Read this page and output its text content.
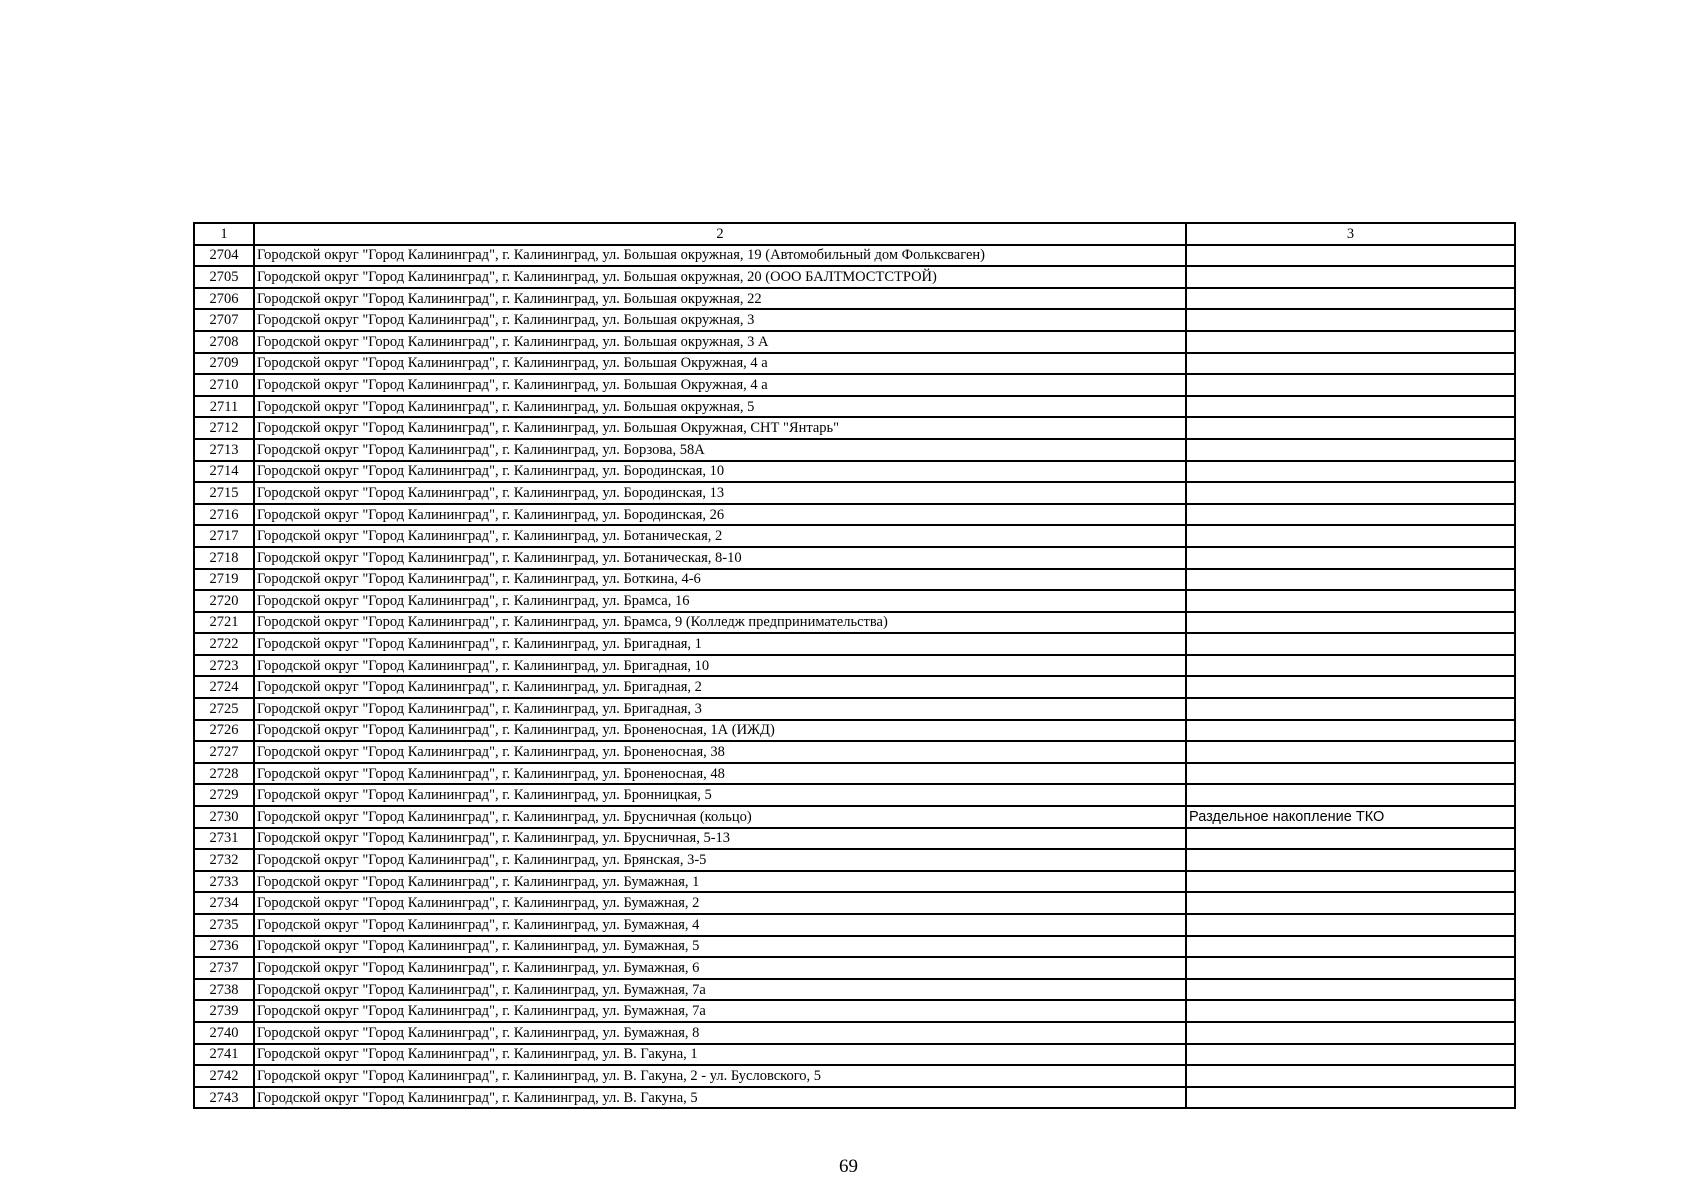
1	2	3
2704	Городской округ "Город Калининград", г. Калининград, ул. Большая окружная, 19 (Автомобильный дом Фольксваген)	
2705	Городской округ "Город Калининград", г. Калининград, ул. Большая окружная, 20 (ООО БАЛТМОСТСТРОЙ)	
2706	Городской округ "Город Калининград", г. Калининград, ул. Большая окружная, 22	
2707	Городской округ "Город Калининград", г. Калининград, ул. Большая окружная, 3	
2708	Городской округ "Город Калининград", г. Калининград, ул. Большая окружная, 3 А	
2709	Городской округ "Город Калининград", г. Калининград, ул. Большая Окружная, 4 а	
2710	Городской округ "Город Калининград", г. Калининград, ул. Большая Окружная, 4 а	
2711	Городской округ "Город Калининград", г. Калининград, ул. Большая окружная, 5	
2712	Городской округ "Город Калининград", г. Калининград, ул. Большая Окружная, СНТ "Янтарь"	
2713	Городской округ "Город Калининград", г. Калининград, ул. Борзова, 58А	
2714	Городской округ "Город Калининград", г. Калининград, ул. Бородинская, 10	
2715	Городской округ "Город Калининград", г. Калининград, ул. Бородинская, 13	
2716	Городской округ "Город Калининград", г. Калининград, ул. Бородинская, 26	
2717	Городской округ "Город Калининград", г. Калининград, ул. Ботаническая, 2	
2718	Городской округ "Город Калининград", г. Калининград, ул. Ботаническая, 8-10	
2719	Городской округ "Город Калининград", г. Калининград, ул. Боткина, 4-6	
2720	Городской округ "Город Калининград", г. Калининград, ул. Брамса, 16	
2721	Городской округ "Город Калининград", г. Калининград, ул. Брамса, 9 (Колледж предпринимательства)	
2722	Городской округ "Город Калининград", г. Калининград, ул. Бригадная, 1	
2723	Городской округ "Город Калининград", г. Калининград, ул. Бригадная, 10	
2724	Городской округ "Город Калининград", г. Калининград, ул. Бригадная, 2	
2725	Городской округ "Город Калининград", г. Калининград, ул. Бригадная, 3	
2726	Городской округ "Город Калининград", г. Калининград, ул. Броненосная, 1А (ИЖД)	
2727	Городской округ "Город Калининград", г. Калининград, ул. Броненосная, 38	
2728	Городской округ "Город Калининград", г. Калининград, ул. Броненосная, 48	
2729	Городской округ "Город Калининград", г. Калининград, ул. Бронницкая, 5	
2730	Городской округ "Город Калининград", г. Калининград, ул. Брусничная (кольцо)	Раздельное накопление ТКО
2731	Городской округ "Город Калининград", г. Калининград, ул. Брусничная, 5-13	
2732	Городской округ "Город Калининград", г. Калининград, ул. Брянская, 3-5	
2733	Городской округ "Город Калининград", г. Калининград, ул. Бумажная, 1	
2734	Городской округ "Город Калининград", г. Калининград, ул. Бумажная, 2	
2735	Городской округ "Город Калининград", г. Калининград, ул. Бумажная, 4	
2736	Городской округ "Город Калининград", г. Калининград, ул. Бумажная, 5	
2737	Городской округ "Город Калининград", г. Калининград, ул. Бумажная, 6	
2738	Городской округ "Город Калининград", г. Калининград, ул. Бумажная, 7а	
2739	Городской округ "Город Калининград", г. Калининград, ул. Бумажная, 7а	
2740	Городской округ "Город Калининград", г. Калининград, ул. Бумажная, 8	
2741	Городской округ "Город Калининград", г. Калининград, ул. В. Гакуна, 1	
2742	Городской округ "Город Калининград", г. Калининград, ул. В. Гакуна, 2 - ул. Бусловского, 5	
2743	Городской округ "Город Калининград", г. Калининград, ул. В. Гакуна, 5	
69
